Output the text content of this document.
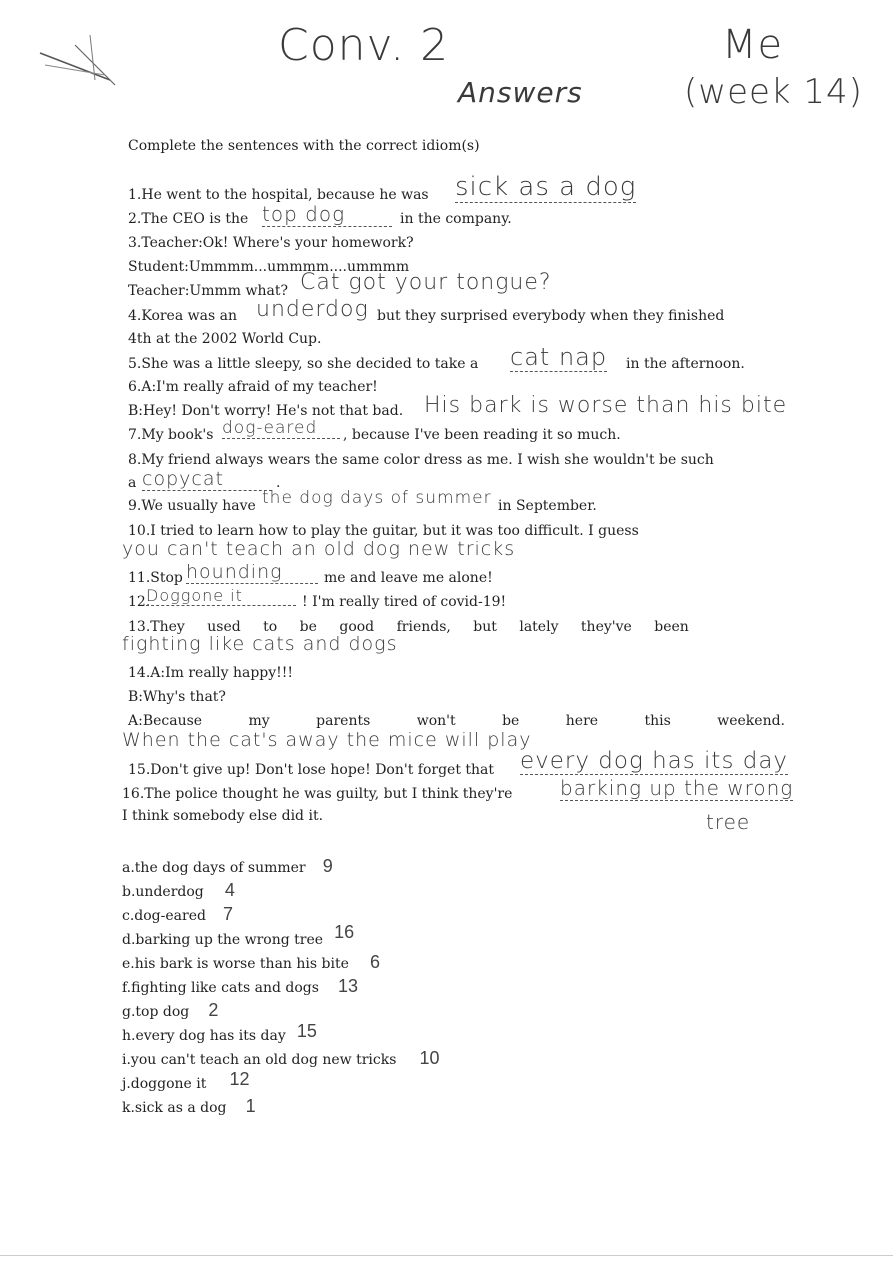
Conv. 2
Answers
Me
(week 14)
Complete the sentences with the correct idiom(s)
1.He went to the hospital, because he was sick as a dog
2.The CEO is the top dog	in the company.
3.Teacher:Ok! Where's your homework?
Student:Ummmm...ummmm....ummmm
Teacher:Ummm what? Cat got your tongue?
4.Korea was an underdog but they surprised everybody when they finished
4th at the 2002 World Cup.
5.She was a little sleepy, so she decided to take a cat nap in the afternoon.
6.A:I'm really afraid of my teacher!
B:Hey! Don't worry! He's not that bad. His bark is worse than his bite
7.My book's dog-eared	, because I've been reading it so much.
8.My friend always wears the same color dress as me. I wish she wouldn't be such
a copycat	.
9.We usually have the dog days of summer in September.
10.I tried to learn how to play the guitar, but it was too difficult. I guess
you can't teach an old dog new tricks
11.Stop hounding	me and leave me alone!
12.
Doggone it	! I'm really tired of covid-19!
13.They used to be good friends, but lately they've been
fighting like cats and dogs
14.A:Im really happy!!!
B:Why's that?
A:Because my parents won't be here this weekend.
When the cat's away the mice will play
15.Don't give up! Don't lose hope! Don't forget that every dog has its day
16.The police thought he was guilty, but I think they're barking up the wrong
tree
I think somebody else did it.
a.the dog days of summer 9
b.underdog 4
c.dog-eared 7
d.barking up the wrong tree 16
e.his bark is worse than his bite 6
f.fighting like cats and dogs 13
g.top dog 2
h.every dog has its day 15
i.you can't teach an old dog new tricks 10
j.doggone it 12
k.sick as a dog 1
